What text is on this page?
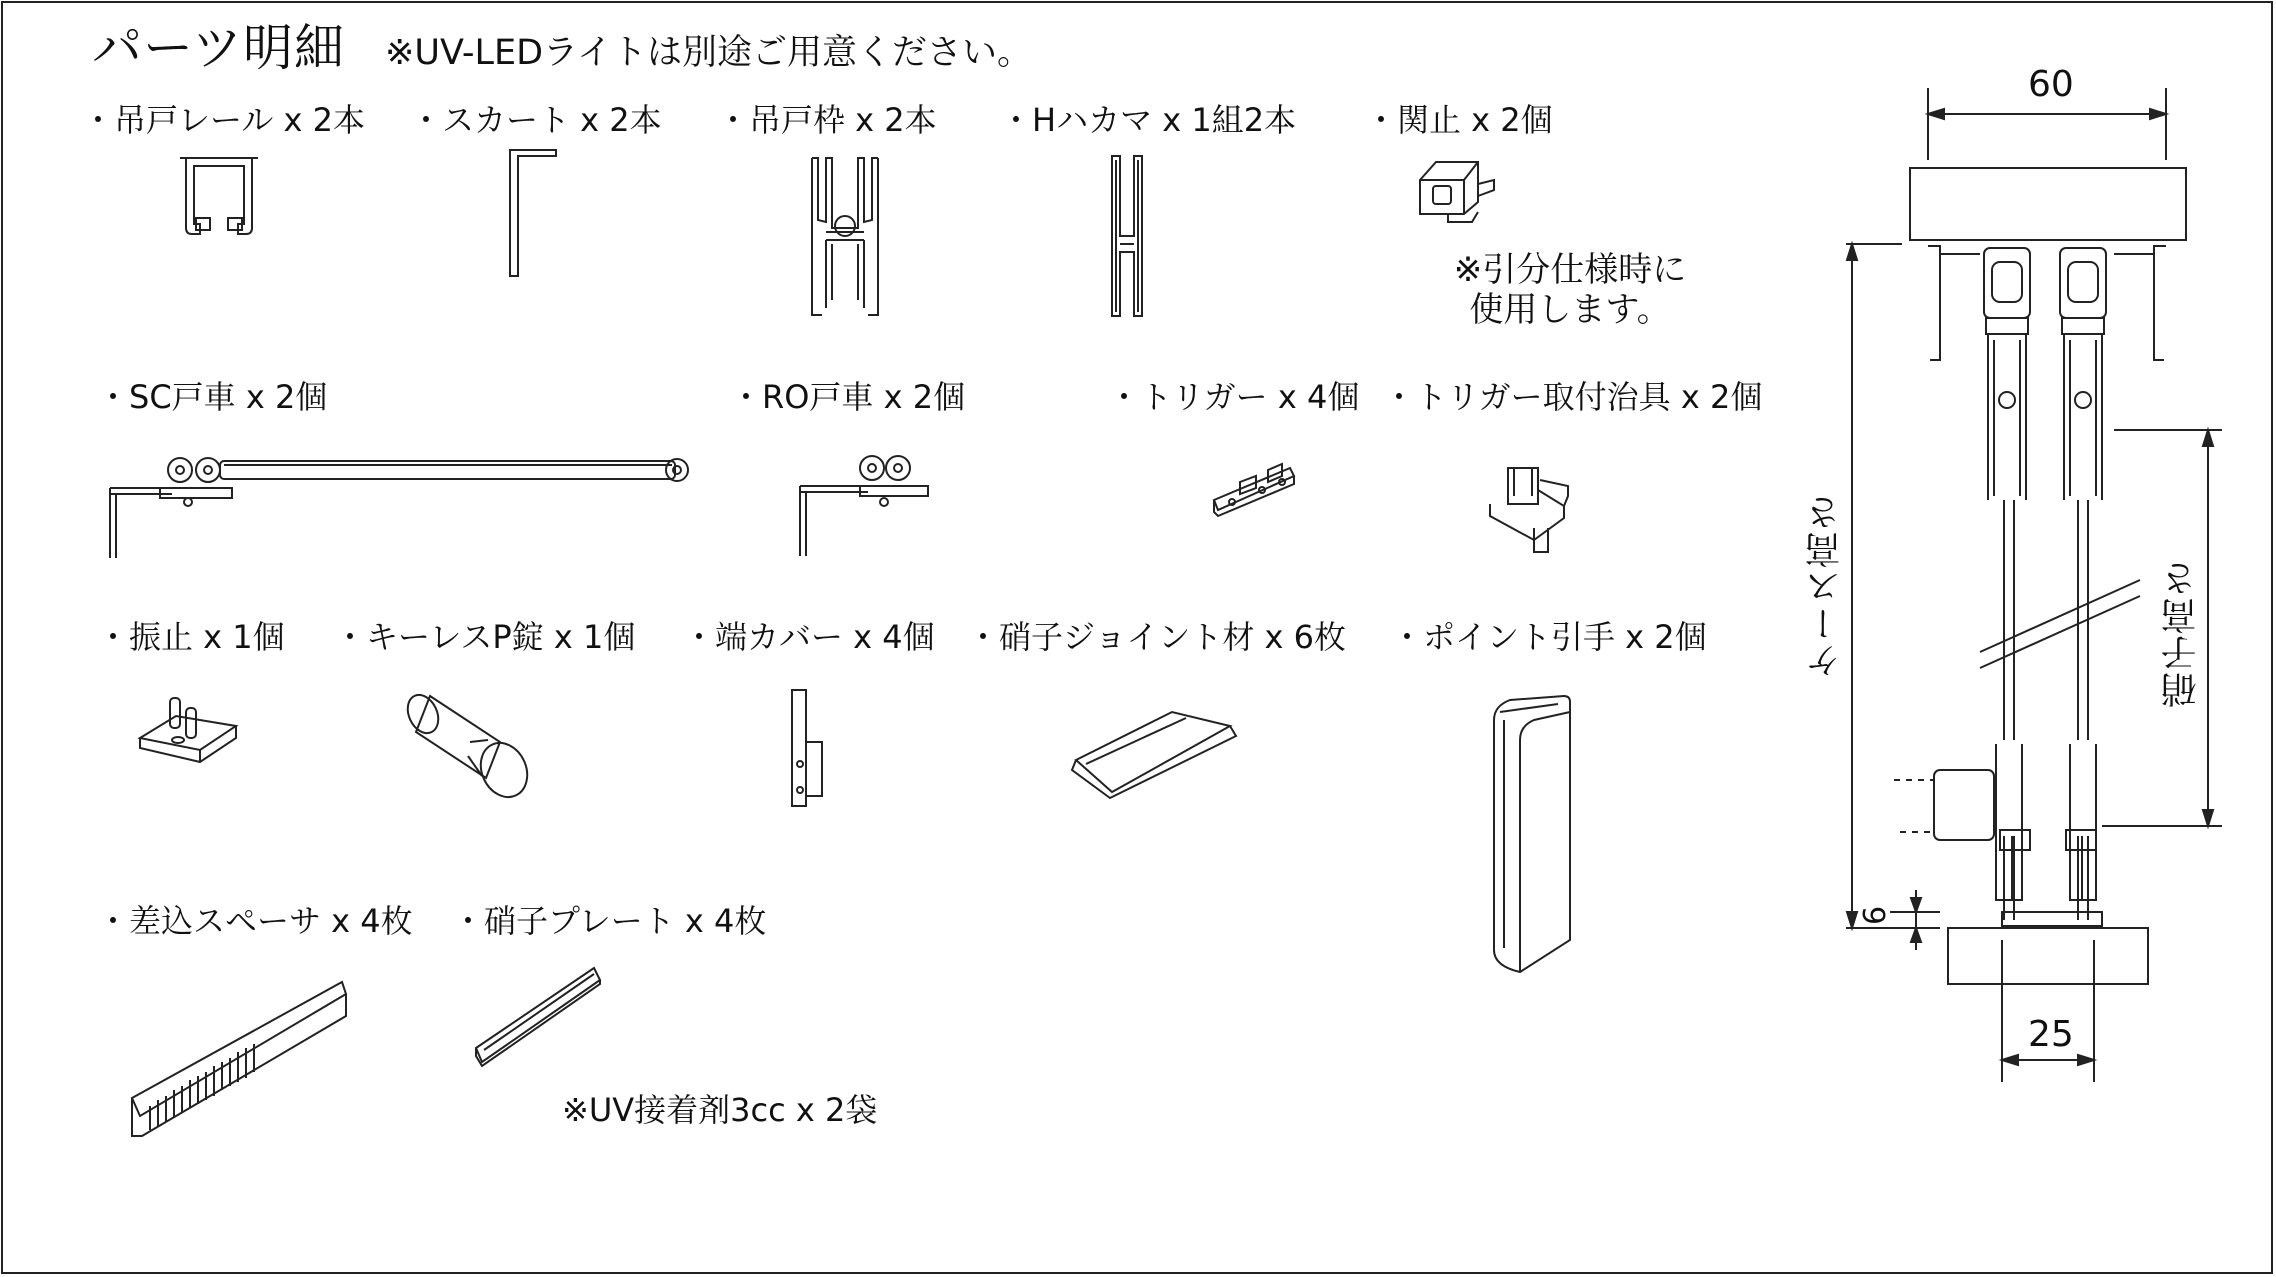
パーツ明細 ※UV-LEDライトは別途ご用意ください。
・吊戸レール x 2本 ・スカート x 2本 ・吊戸枠 x 2本 ・Hハカマ x 1組2本 ・関止 x 2個
・SC戸車 x 2個	・RO戸車 x 2個	・トリガー x 4個 ・トリガー取付治具 x 2個
・振止 x 1個 ・キーレスP錠 x 1個 ・端カバー x 4個 ・硝子ジョイント材 x 6枚 ・ポイント引手 x 2個
・差込スペーサ x 4枚 ・硝子プレート x 4枚
※引分仕様時に
使用します。
※UV接着剤3cc x 2袋
60
25
6
ケース高さ	硝子高さ
